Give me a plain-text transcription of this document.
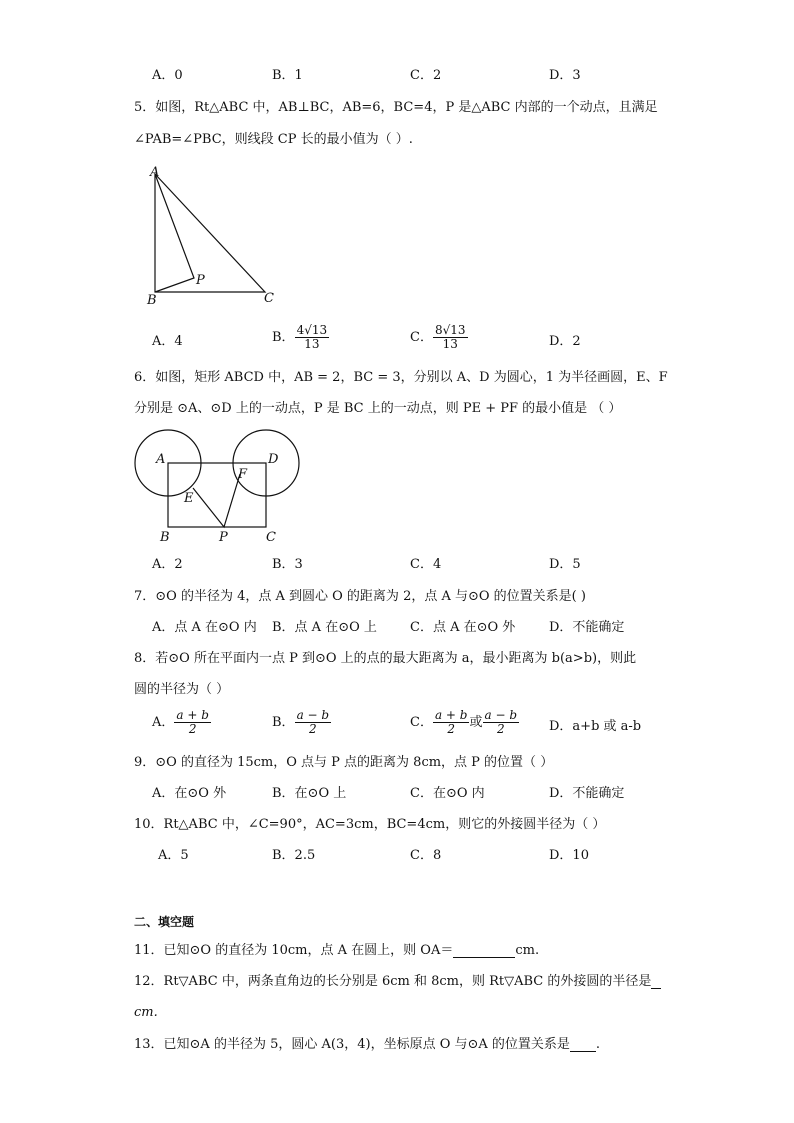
A．0	B．1	C．2	D．3
5．如图，Rt△ABC 中，AB⊥BC，AB=6，BC=4，P 是△ABC 内部的一个动点，且满足
∠PAB=∠PBC，则线段 CP 长的最小值为（ ）.
A
B	C
P
A．4	B． $\frac{4√13}{13}$	C． $\frac{8√13}{13}$	D．2
6．如图，矩形 ABCD 中，AB = 2，BC = 3，分别以 A、D 为圆心，1 为半径画圆，E、F
分别是 ⊙A、⊙D 上的一动点，P 是 BC 上的一动点，则 PE + PF 的最小值是 （ ）
A	D
E
F
B	P	C
A．2	B．3	C．4	D．5
7．⊙O 的半径为 4，点 A 到圆心 O 的距离为 2，点 A 与⊙O 的位置关系是( )
A．点 A 在⊙O 内 B．点 A 在⊙O 上	C．点 A 在⊙O 外	D．不能确定
8．若⊙O 所在平面内一点 P 到⊙O 上的点的最大距离为 a，最小距离为 b(a>b)，则此
圆的半径为（ ）
A． $\frac{a + b}{2}$	B． $\frac{a - b}{2}$	C． $\frac{a + b}{2}$ 或 $\frac{a - b}{2}$ D．a+b 或 a-b
9．⊙O 的直径为 15cm，O 点与 P 点的距离为 8cm，点 P 的位置（ ）
A．在⊙O 外	B．在⊙O 上	C．在⊙O 内	D．不能确定
10．Rt△ABC 中，∠C=90°，AC=3cm，BC=4cm，则它的外接圆半径为（ ）
A．5	B．2.5	C．8	D．10
二、填空题
11．已知⊙O 的直径为 10cm，点 A 在圆上，则 OA＝	cm.
12．Rt▽ABC 中，两条直角边的长分别是 6cm 和 8cm，则 Rt▽ABC 的外接圆的半径是
cm.
13．已知⊙A 的半径为 5，圆心 A(3，4)，坐标原点 O 与⊙A 的位置关系是 .
